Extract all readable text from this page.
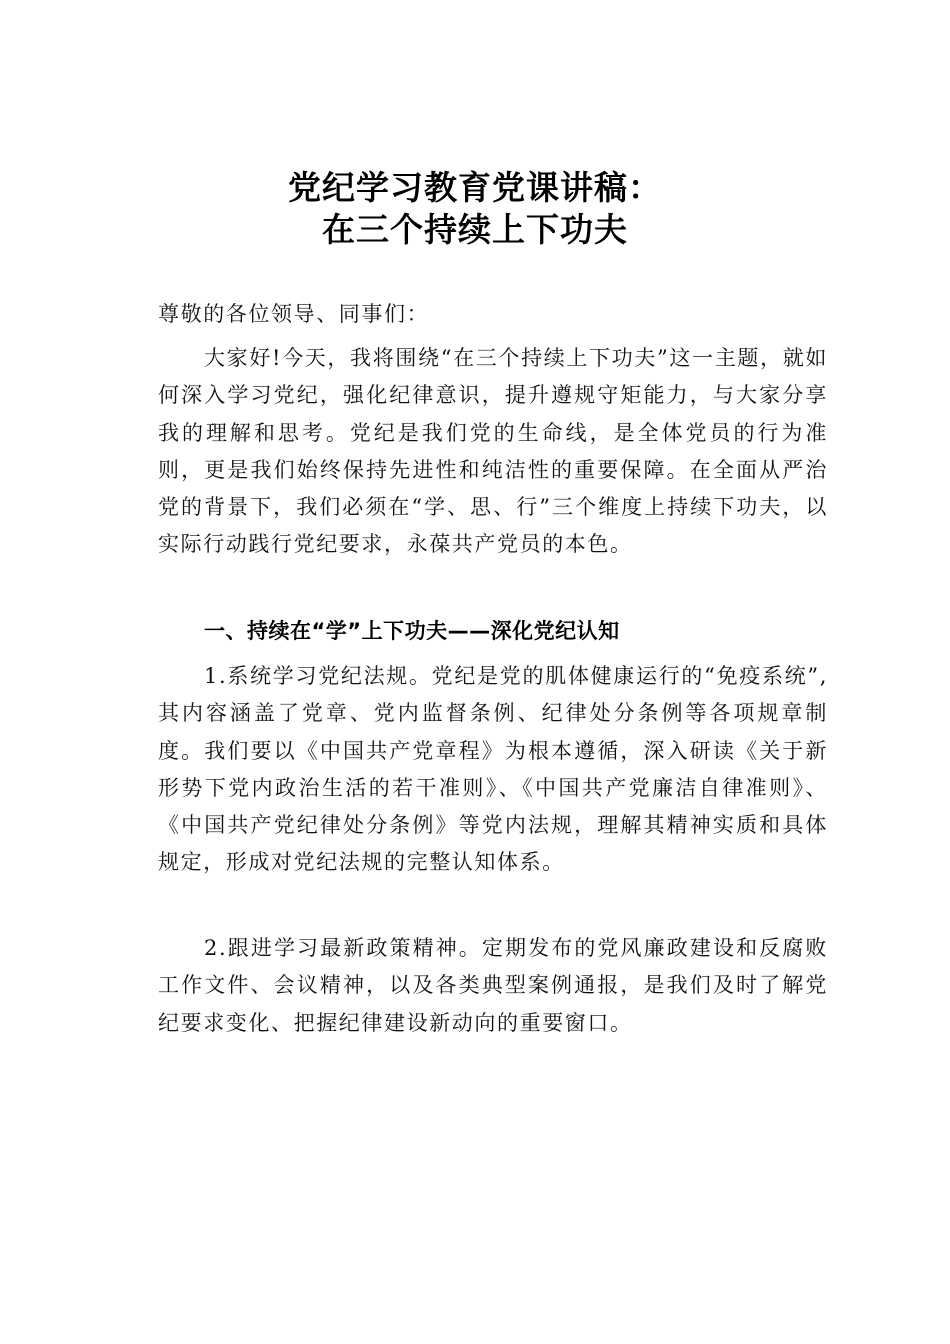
党纪学习教育党课讲稿：
在三个持续上下功夫
尊敬的各位领导、同事们：
大家好!今天，我将围绕“在三个持续上下功夫”这一主题，就如何深入学习党纪，强化纪律意识，提升遵规守矩能力，与大家分享我的理解和思考。党纪是我们党的生命线，是全体党员的行为准则，更是我们始终保持先进性和纯洁性的重要保障。在全面从严治党的背景下，我们必须在“学、思、行”三个维度上持续下功夫，以实际行动践行党纪要求，永葆共产党员的本色。
一、持续在“学”上下功夫——深化党纪认知
1.系统学习党纪法规。党纪是党的肌体健康运行的“免疫系统”,其内容涵盖了党章、党内监督条例、纪律处分条例等各项规章制度。我们要以《中国共产党章程》为根本遵循，深入研读《关于新形势下党内政治生活的若干准则》、《中国共产党廉洁自律准则》、《中国共产党纪律处分条例》等党内法规，理解其精神实质和具体规定，形成对党纪法规的完整认知体系。
2.跟进学习最新政策精神。定期发布的党风廉政建设和反腐败工作文件、会议精神，以及各类典型案例通报，是我们及时了解党纪要求变化、把握纪律建设新动向的重要窗口。
